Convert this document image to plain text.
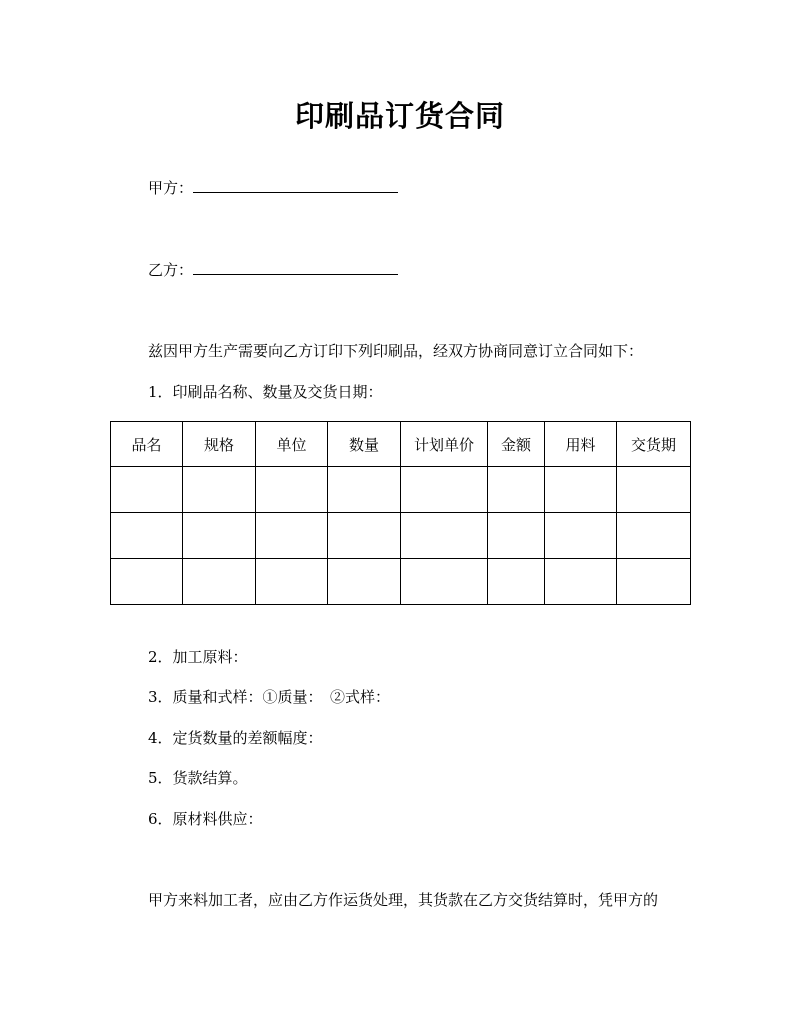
印刷品订货合同
甲方：
乙方：
兹因甲方生产需要向乙方订印下列印刷品，经双方协商同意订立合同如下：
1．印刷品名称、数量及交货日期：
品名	规格	单位	数量	计划单价	金额	用料	交货期

2．加工原料：
3．质量和式样：①质量：　②式样：
4．定货数量的差额幅度：
5．货款结算。
6．原材料供应：
甲方来料加工者，应由乙方作运货处理，其货款在乙方交货结算时，凭甲方的
